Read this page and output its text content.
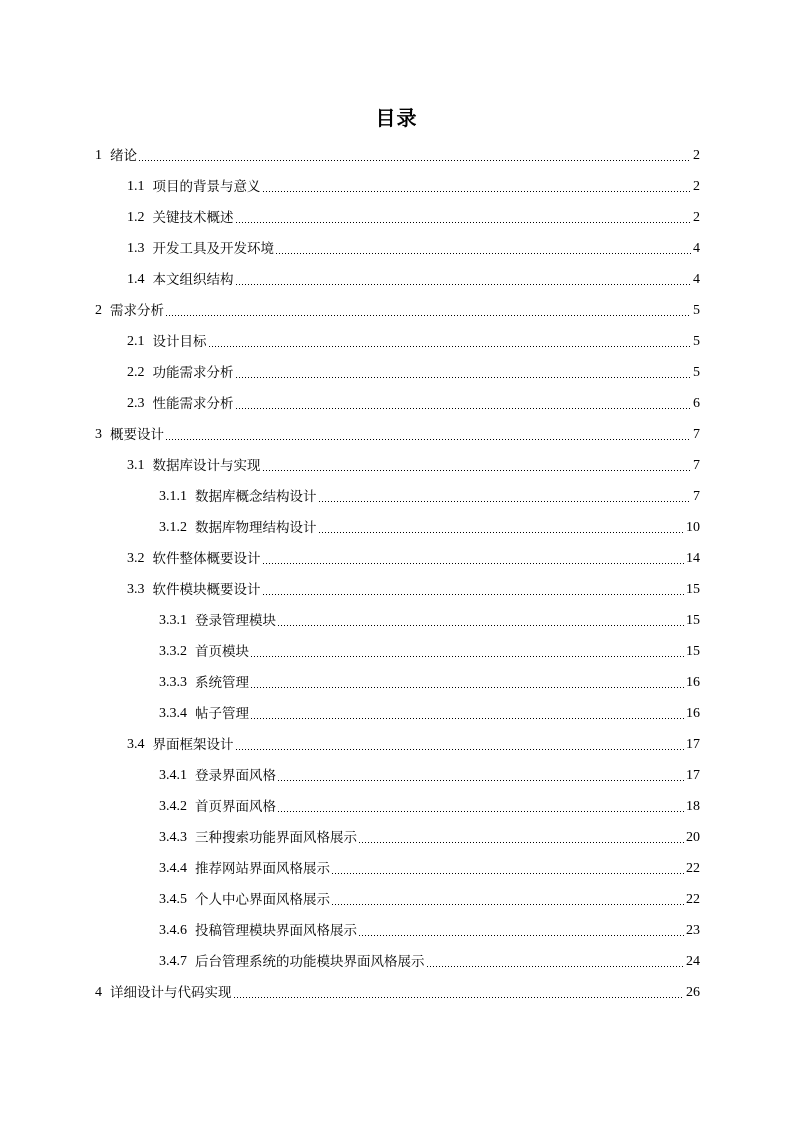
目录
1 绪论	2
1.1 项目的背景与意义	2
1.2 关键技术概述	2
1.3 开发工具及开发环境	4
1.4 本文组织结构	4
2 需求分析	5
2.1 设计目标	5
2.2 功能需求分析	5
2.3 性能需求分析	6
3 概要设计	7
3.1 数据库设计与实现	7
3.1.1 数据库概念结构设计	7
3.1.2 数据库物理结构设计	10
3.2 软件整体概要设计	14
3.3 软件模块概要设计	15
3.3.1 登录管理模块	15
3.3.2 首页模块	15
3.3.3 系统管理	16
3.3.4 帖子管理	16
3.4 界面框架设计	17
3.4.1 登录界面风格	17
3.4.2 首页界面风格	18
3.4.3 三种搜索功能界面风格展示	20
3.4.4 推荐网站界面风格展示	22
3.4.5 个人中心界面风格展示	22
3.4.6 投稿管理模块界面风格展示	23
3.4.7 后台管理系统的功能模块界面风格展示	24
4 详细设计与代码实现	26
